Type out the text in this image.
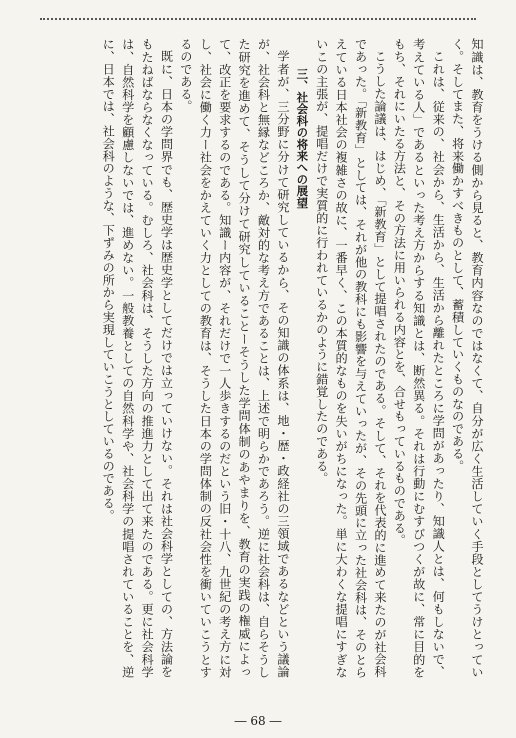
知識は、教育をうける側から見ると、教育内容なのではなくて、自分が広く生活していく手段としてうけとっていく。そしてまた、将来働かすべきものとして、蓄積していくものなのである。

これは、従来の、社会から、生活から、生活から離れたところに学問があったり、知識人とは、何もしないで、考えている人」であるといった考え方からする知識とは、断然異る。それは行動にむすびつくが故に、常に目的をもち、それにいたる方法と、その方法に用いられる内容とを、合せもっているものである。

こうした論議は、はじめ、「新教育」として提唱されたのである。そして、それを代表的に進めて来たのが社会科であった。「新教育」としては、それが他の教科にも影響を与えていったが、その先頭に立った社会科は、そのとらえている日本社会の複雑さの故に、一番早く、この本質的なものを失いがちになった。単に大わくな提唱にすぎないこの主張が、提唱だけで実質的に行われているかのように錯覚したのである。

三、社会科の将来への展望

学者が、三分野に分けて研究しているから、その知識の体系は、地・歴・政経社の三領域であるなどという議論が、社会科と無縁などころか、敵対的な考え方であることは、上述で明らかであろう。逆に社会科は、自らそうした研究を進めて、そうして分けて研究していることーそうした学問体制のあやまりを、教育の実践の権威によって、改正を要求するのである。知識ー内容が、それだけで一人歩きするのだという旧・十八、九世紀の考え方に対し、社会に働く力ー社会をかえていく力としての教育は、そうした日本の学問体制の反社会性を衝いていこうとするのである。

既に、日本の学問界でも、歴史学は歴史学としてだけでは立っていけない。それは社会科学としての、方法論をもたねばならなくなっている。むしろ、社会科は、そうした方向の推進力として出て来たのである。更に社会科学は、自然科学を顧慮しないでは、進めない。一般教養としての自然科学や、社会科学の提唱されていることを、逆に、日本では、社会科のような、下ずみの所から実現していこうとしているのである。

― 68 ―
